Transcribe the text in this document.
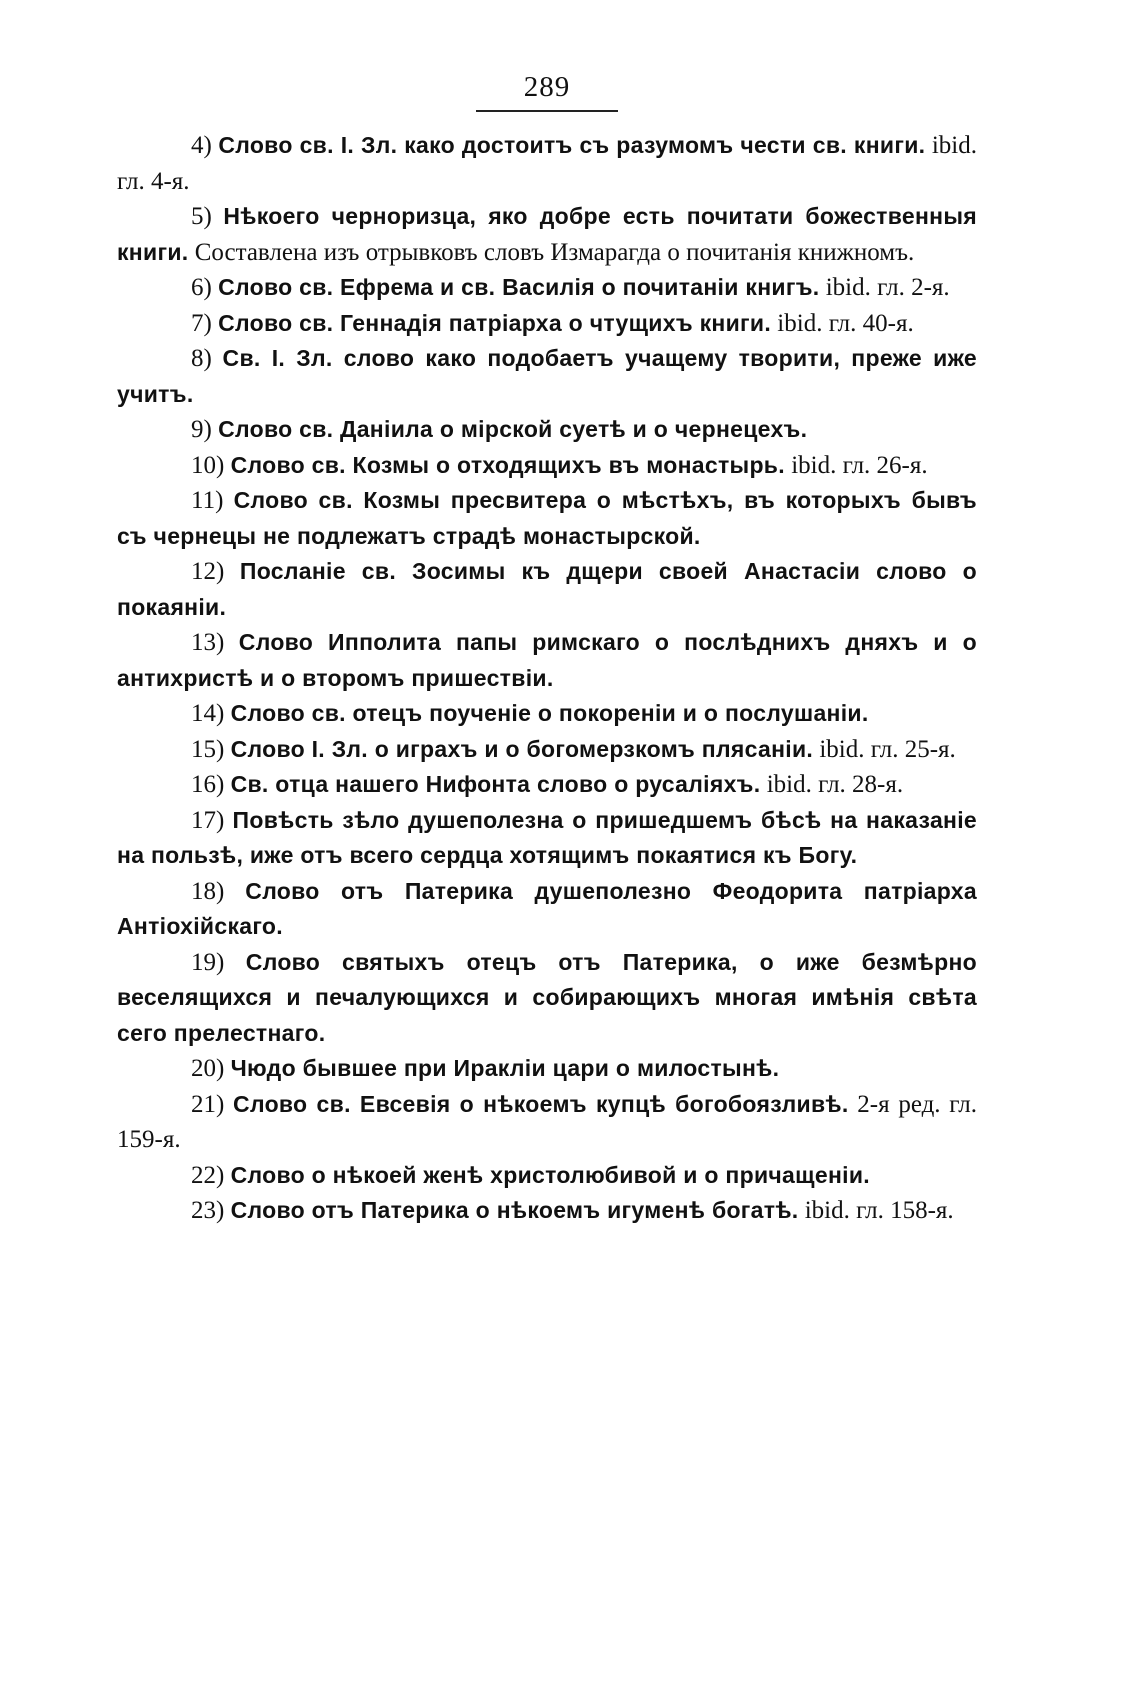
289
4) Слово св. I. Зл. како достоитъ съ разумомъ чести св. книги. ibid. гл. 4-я.
5) Нѣкоего черноризца, яко добре есть почитати божественныя книги. Составлена изъ отрывковъ словъ Измарагда о почитанія книжномъ.
6) Слово св. Ефрема и св. Василія о почитаніи книгъ. ibid. гл. 2-я.
7) Слово св. Геннадія патріарха о чтущихъ книги. ibid. гл. 40-я.
8) Св. I. Зл. слово како подобаетъ учащему творити, преже иже учитъ.
9) Слово св. Даніила о мірской суетѣ и о чернецехъ.
10) Слово св. Козмы о отходящихъ въ монастырь. ibid. гл. 26-я.
11) Слово св. Козмы пресвитера о мѣстѣхъ, въ которыхъ бывъ съ чернецы не подлежатъ страдѣ монастырской.
12) Посланіе св. Зосимы къ дщери своей Анастасіи слово о покаяніи.
13) Слово Ипполита папы римскаго о послѣднихъ дняхъ и о антихристѣ и о второмъ пришествіи.
14) Слово св. отецъ поученіе о покореніи и о послушаніи.
15) Слово I. Зл. о играхъ и о богомерзкомъ плясаніи. ibid. гл. 25-я.
16) Св. отца нашего Нифонта слово о русаліяхъ. ibid. гл. 28-я.
17) Повѣсть зѣло душеполезна о пришедшемъ бѣсѣ на наказаніе на пользѣ, иже отъ всего сердца хотящимъ покаятися къ Богу.
18) Слово отъ Патерика душеполезно Феодорита патріарха Антіохійскаго.
19) Слово святыхъ отецъ отъ Патерика, о иже безмѣрно веселящихся и печалующихся и собирающихъ многая имѣнія свѣта сего прелестнаго.
20) Чюдо бывшее при Иракліи цари о милостынѣ.
21) Слово св. Евсевія о нѣкоемъ купцѣ богобоязливѣ. 2-я ред. гл. 159-я.
22) Слово о нѣкоей женѣ христолюбивой и о причащеніи.
23) Слово отъ Патерика о нѣкоемъ игуменѣ богатѣ. ibid. гл. 158-я.
